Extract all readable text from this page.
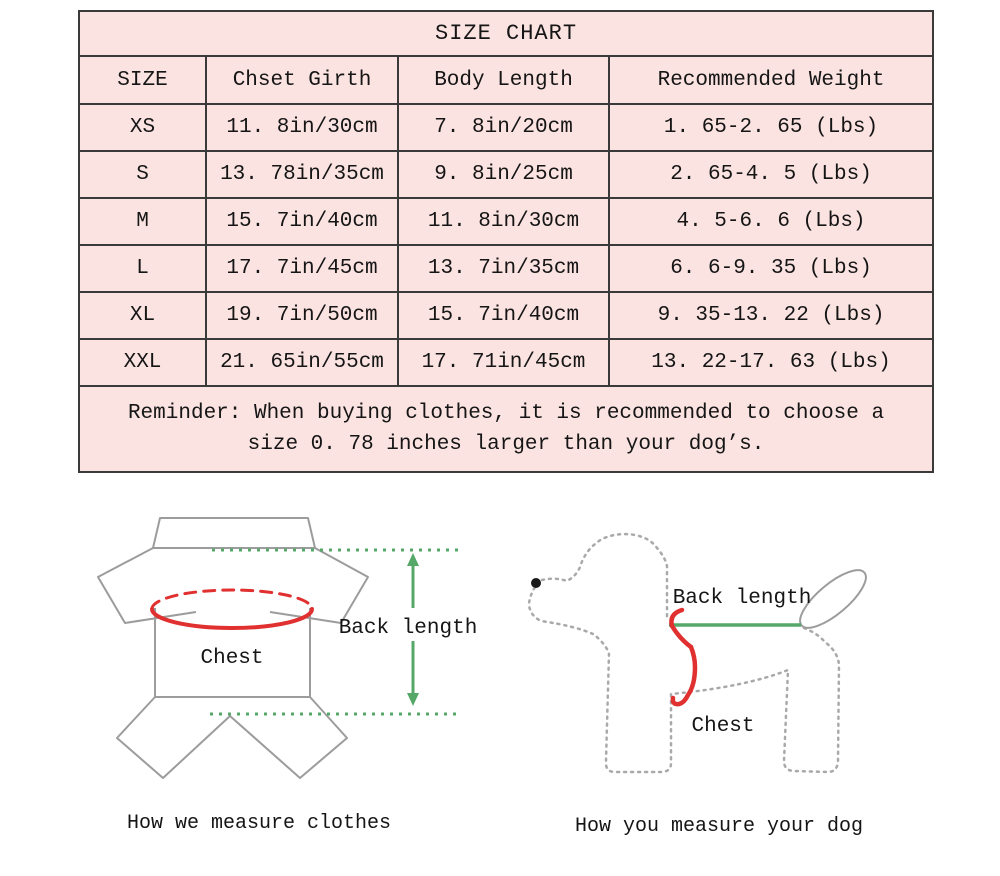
SIZE CHART			
SIZE	Chset Girth	Body Length	Recommended Weight
XS	11. 8in/30cm	7. 8in/20cm	1. 65-2. 65 (Lbs)
S	13. 78in/35cm	9. 8in/25cm	2. 65-4. 5 (Lbs)
M	15. 7in/40cm	11. 8in/30cm	4. 5-6. 6 (Lbs)
L	17. 7in/45cm	13. 7in/35cm	6. 6-9. 35 (Lbs)
XL	19. 7in/50cm	15. 7in/40cm	9. 35-13. 22 (Lbs)
XXL	21. 65in/55cm	17. 71in/45cm	13. 22-17. 63 (Lbs)

Reminder: When buying clothes, it is recommended to choose a
size 0. 78 inches larger than your dog’s.			
Chest
Back length
How we measure clothes
Back length
Chest
How you measure your dog
